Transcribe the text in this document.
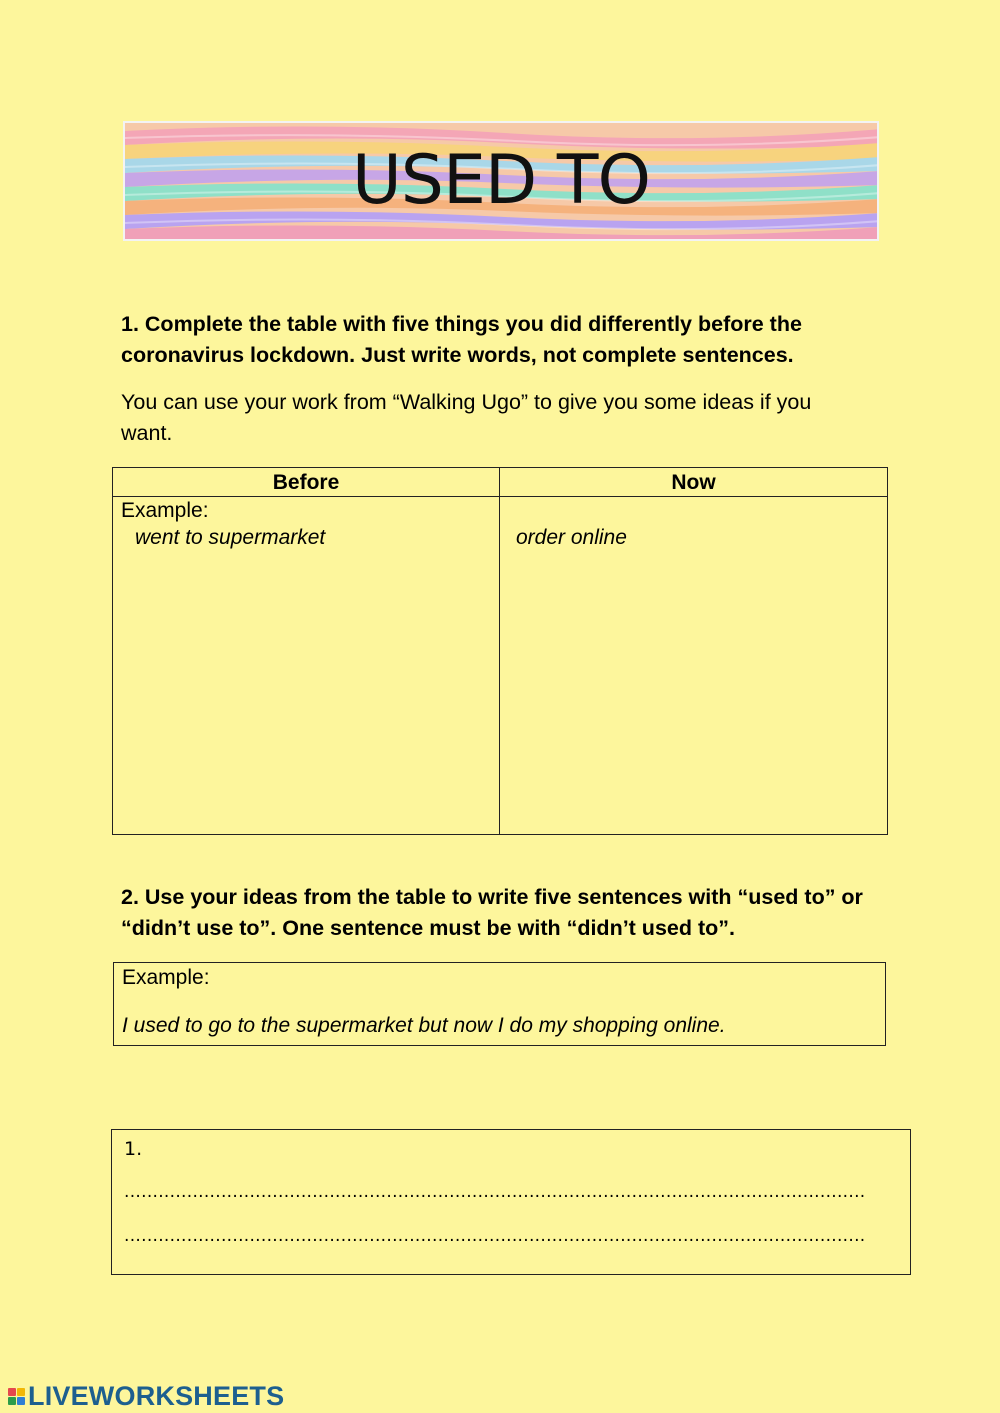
USED TO
1. Complete the table with five things you did differently before the coronavirus lockdown. Just write words, not complete sentences.
You can use your work from “Walking Ugo” to give you some ideas if you want.
Before	Now
Example:
went to supermarket	order online
2. Use your ideas from the table to write five sentences with “used to” or “didn’t use to”. One sentence must be with “didn’t used to”.
Example:
I used to go to the supermarket but now I do my shopping online.
1.
..................................................................................................................................
..................................................................................................................................
LIVEWORKSHEETS
